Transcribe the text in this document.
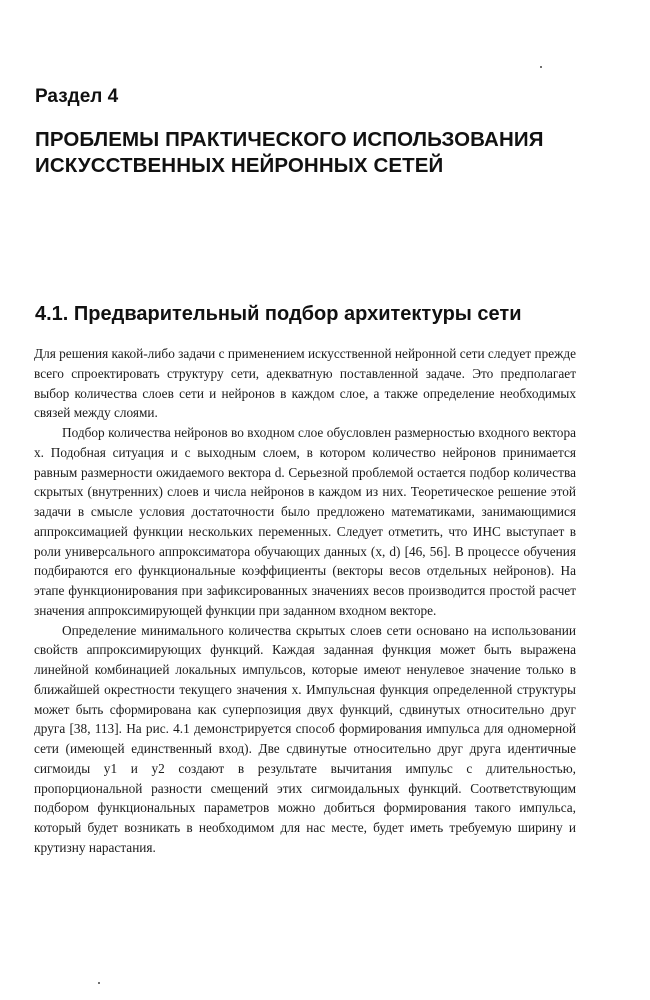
Раздел 4
ПРОБЛЕМЫ ПРАКТИЧЕСКОГО ИСПОЛЬЗОВАНИЯ ИСКУССТВЕННЫХ НЕЙРОННЫХ СЕТЕЙ
4.1. Предварительный подбор архитектуры сети

Для решения какой-либо задачи с применением искусственной нейронной сети следует прежде всего спроектировать структуру сети, адекватную поставленной задаче. Это предполагает выбор количества слоев сети и нейронов в каждом слое, а также определение необходимых связей между слоями.

Подбор количества нейронов во входном слое обусловлен размерностью входного вектора x. Подобная ситуация и с выходным слоем, в котором количество нейронов принимается равным размерности ожидаемого вектора d. Серьезной проблемой остается подбор количества скрытых (внутренних) слоев и числа нейронов в каждом из них. Теоретическое решение этой задачи в смысле условия достаточности было предложено математиками, занимающимися аппроксимацией функции нескольких переменных. Следует отметить, что ИНС выступает в роли универсального аппроксиматора обучающих данных (x, d) [46, 56]. В процессе обучения подбираются его функциональные коэффициенты (векторы весов отдельных нейронов). На этапе функционирования при зафиксированных значениях весов производится простой расчет значения аппроксимирующей функции при заданном входном векторе.

Определение минимального количества скрытых слоев сети основано на использовании свойств аппроксимирующих функций. Каждая заданная функция может быть выражена линейной комбинацией локальных импульсов, которые имеют ненулевое значение только в ближайшей окрестности текущего значения x. Импульсная функция определенной структуры может быть сформирована как суперпозиция двух функций, сдвинутых относительно друг друга [38, 113]. На рис. 4.1 демонстрируется способ формирования импульса для одномерной сети (имеющей единственный вход). Две сдвинутые относительно друг друга идентичные сигмоиды y1 и y2 создают в результате вычитания импульс с длительностью, пропорциональной разности смещений этих сигмоидальных функций. Соответствующим подбором функциональных параметров можно добиться формирования такого импульса, который будет возникать в необходимом для нас месте, будет иметь требуемую ширину и крутизну нарастания.
